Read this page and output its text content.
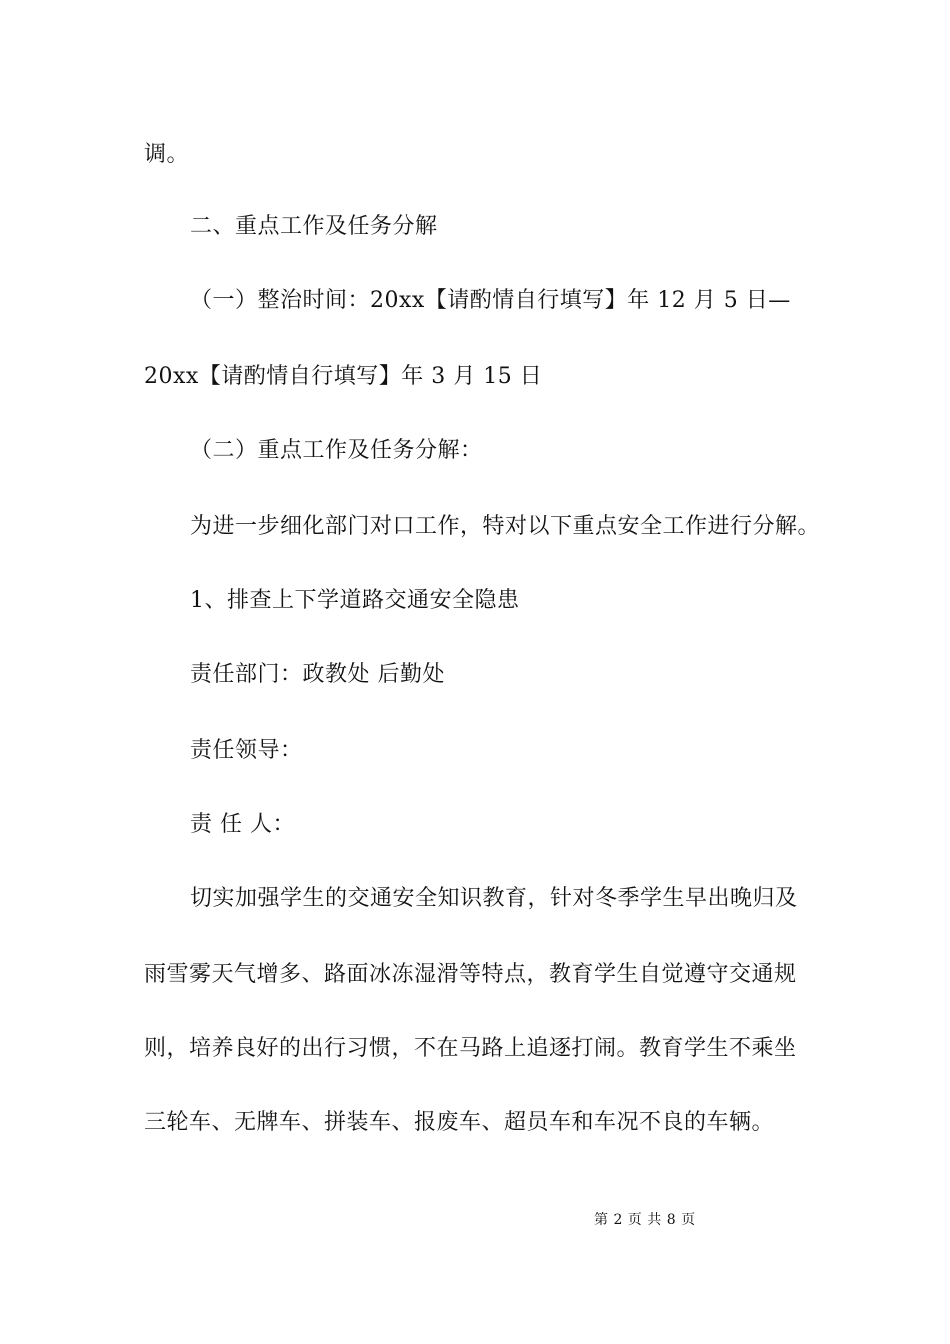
调。
二、重点工作及任务分解
（一）整治时间：20xx【请酌情自行填写】年 12 月 5 日—
20xx【请酌情自行填写】年 3 月 15 日
（二）重点工作及任务分解：
为进一步细化部门对口工作，特对以下重点安全工作进行分解。
1、排查上下学道路交通安全隐患
责任部门：政教处 后勤处
责任领导：
责 任 人：
切实加强学生的交通安全知识教育，针对冬季学生早出晚归及
雨雪雾天气增多、路面冰冻湿滑等特点，教育学生自觉遵守交通规
则，培养良好的出行习惯，不在马路上追逐打闹。教育学生不乘坐
三轮车、无牌车、拼装车、报废车、超员车和车况不良的车辆。
第 2 页 共 8 页
